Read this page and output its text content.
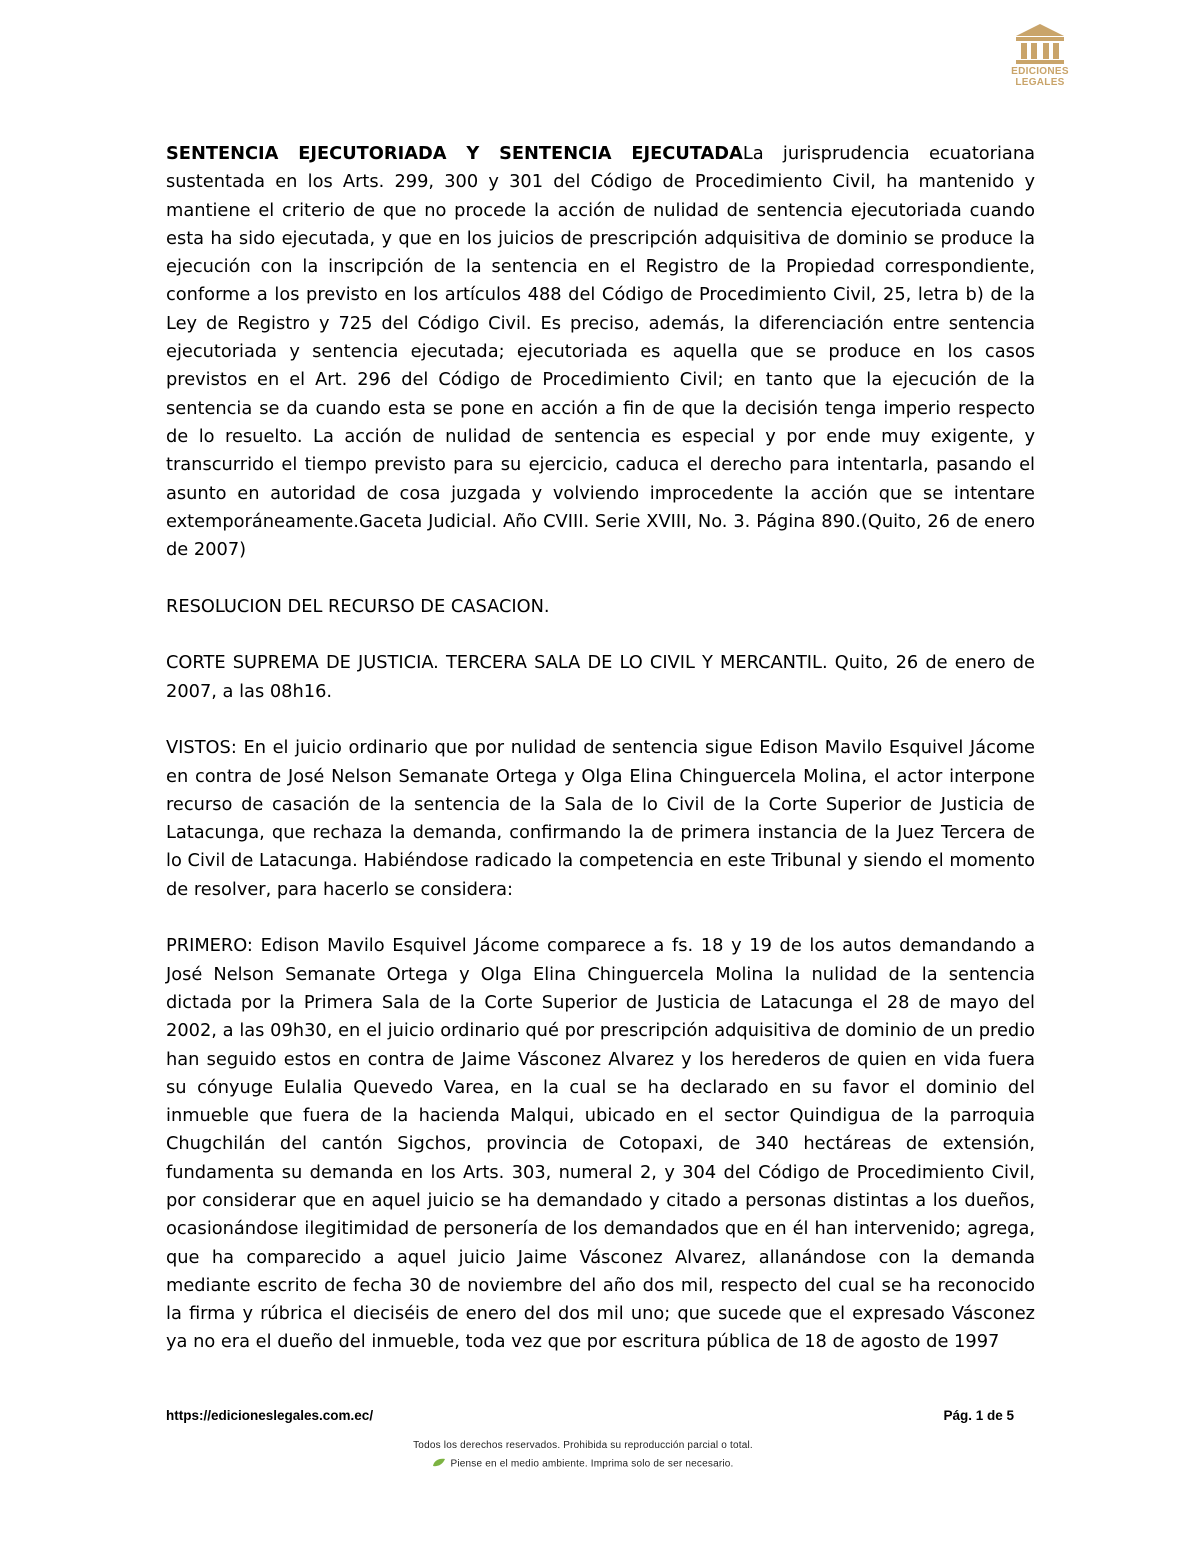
EDICIONES
LEGALES

SENTENCIA EJECUTORIADA Y SENTENCIA EJECUTADALa jurisprudencia ecuatoriana sustentada en los Arts. 299, 300 y 301 del Código de Procedimiento Civil, ha mantenido y mantiene el criterio de que no procede la acción de nulidad de sentencia ejecutoriada cuando esta ha sido ejecutada, y que en los juicios de prescripción adquisitiva de dominio se produce la ejecución con la inscripción de la sentencia en el Registro de la Propiedad correspondiente, conforme a los previsto en los artículos 488 del Código de Procedimiento Civil, 25, letra b) de la Ley de Registro y 725 del Código Civil. Es preciso, además, la diferenciación entre sentencia ejecutoriada y sentencia ejecutada; ejecutoriada es aquella que se produce en los casos previstos en el Art. 296 del Código de Procedimiento Civil; en tanto que la ejecución de la sentencia se da cuando esta se pone en acción a fin de que la decisión tenga imperio respecto de lo resuelto. La acción de nulidad de sentencia es especial y por ende muy exigente, y transcurrido el tiempo previsto para su ejercicio, caduca el derecho para intentarla, pasando el asunto en autoridad de cosa juzgada y volviendo improcedente la acción que se intentare extemporáneamente.Gaceta Judicial. Año CVIII. Serie XVIII, No. 3. Página 890.(Quito, 26 de enero de 2007)

RESOLUCION DEL RECURSO DE CASACION.

CORTE SUPREMA DE JUSTICIA. TERCERA SALA DE LO CIVIL Y MERCANTIL. Quito, 26 de enero de 2007, a las 08h16.

VISTOS: En el juicio ordinario que por nulidad de sentencia sigue Edison Mavilo Esquivel Jácome en contra de José Nelson Semanate Ortega y Olga Elina Chinguercela Molina, el actor interpone recurso de casación de la sentencia de la Sala de lo Civil de la Corte Superior de Justicia de Latacunga, que rechaza la demanda, confirmando la de primera instancia de la Juez Tercera de lo Civil de Latacunga. Habiéndose radicado la competencia en este Tribunal y siendo el momento de resolver, para hacerlo se considera:

PRIMERO: Edison Mavilo Esquivel Jácome comparece a fs. 18 y 19 de los autos demandando a José Nelson Semanate Ortega y Olga Elina Chinguercela Molina la nulidad de la sentencia dictada por la Primera Sala de la Corte Superior de Justicia de Latacunga el 28 de mayo del 2002, a las 09h30, en el juicio ordinario qué por prescripción adquisitiva de dominio de un predio han seguido estos en contra de Jaime Vásconez Alvarez y los herederos de quien en vida fuera su cónyuge Eulalia Quevedo Varea, en la cual se ha declarado en su favor el dominio del inmueble que fuera de la hacienda Malqui, ubicado en el sector Quindigua de la parroquia Chugchilán del cantón Sigchos, provincia de Cotopaxi, de 340 hectáreas de extensión, fundamenta su demanda en los Arts. 303, numeral 2, y 304 del Código de Procedimiento Civil, por considerar que en aquel juicio se ha demandado y citado a personas distintas a los dueños, ocasionándose ilegitimidad de personería de los demandados que en él han intervenido; agrega, que ha comparecido a aquel juicio Jaime Vásconez Alvarez, allanándose con la demanda mediante escrito de fecha 30 de noviembre del año dos mil, respecto del cual se ha reconocido la firma y rúbrica el dieciséis de enero del dos mil uno; que sucede que el expresado Vásconez ya no era el dueño del inmueble, toda vez que por escritura pública de 18 de agosto de 1997

https://edicioneslegales.com.ec/	Pág. 1 de 5
Todos los derechos reservados. Prohibida su reproducción parcial o total.
Piense en el medio ambiente. Imprima solo de ser necesario.
